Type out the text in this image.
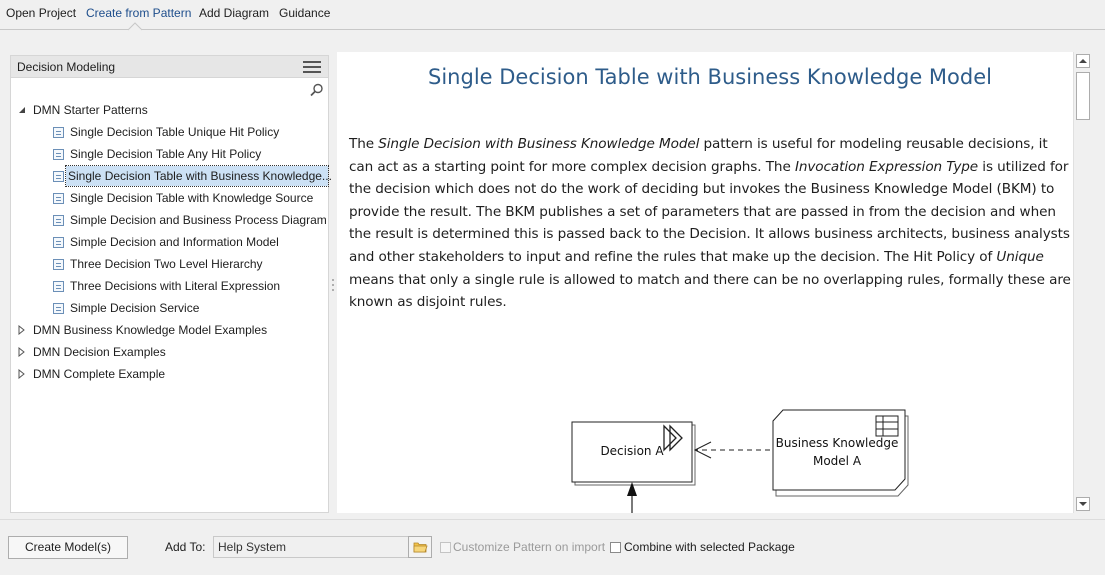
Open Project Create from Pattern Add Diagram Guidance
Decision Modeling
DMN Starter Patterns
Single Decision Table Unique Hit Policy
Single Decision Table Any Hit Policy
Single Decision Table with Business Knowledge...
Single Decision Table with Knowledge Source
Simple Decision and Business Process Diagram
Simple Decision and Information Model
Three Decision Two Level Hierarchy
Three Decisions with Literal Expression
Simple Decision Service
DMN Business Knowledge Model Examples
DMN Decision Examples
DMN Complete Example
Single Decision Table with Business Knowledge Model

The Single Decision with Business Knowledge Model pattern is useful for modeling reusable decisions, it can act as a starting point for more complex decision graphs. The Invocation Expression Type is utilized for the decision which does not do the work of deciding but invokes the Business Knowledge Model (BKM) to provide the result. The BKM publishes a set of parameters that are passed in from the decision and when the result is determined this is passed back to the Decision. It allows business architects, business analysts and other stakeholders to input and refine the rules that make up the decision. The Hit Policy of Unique means that only a single rule is allowed to match and there can be no overlapping rules, formally these are known as disjoint rules.

Decision A
Business Knowledge
Model A
Create Model(s)	Add To:
Help System	Customize Pattern on import Combine with selected Package
